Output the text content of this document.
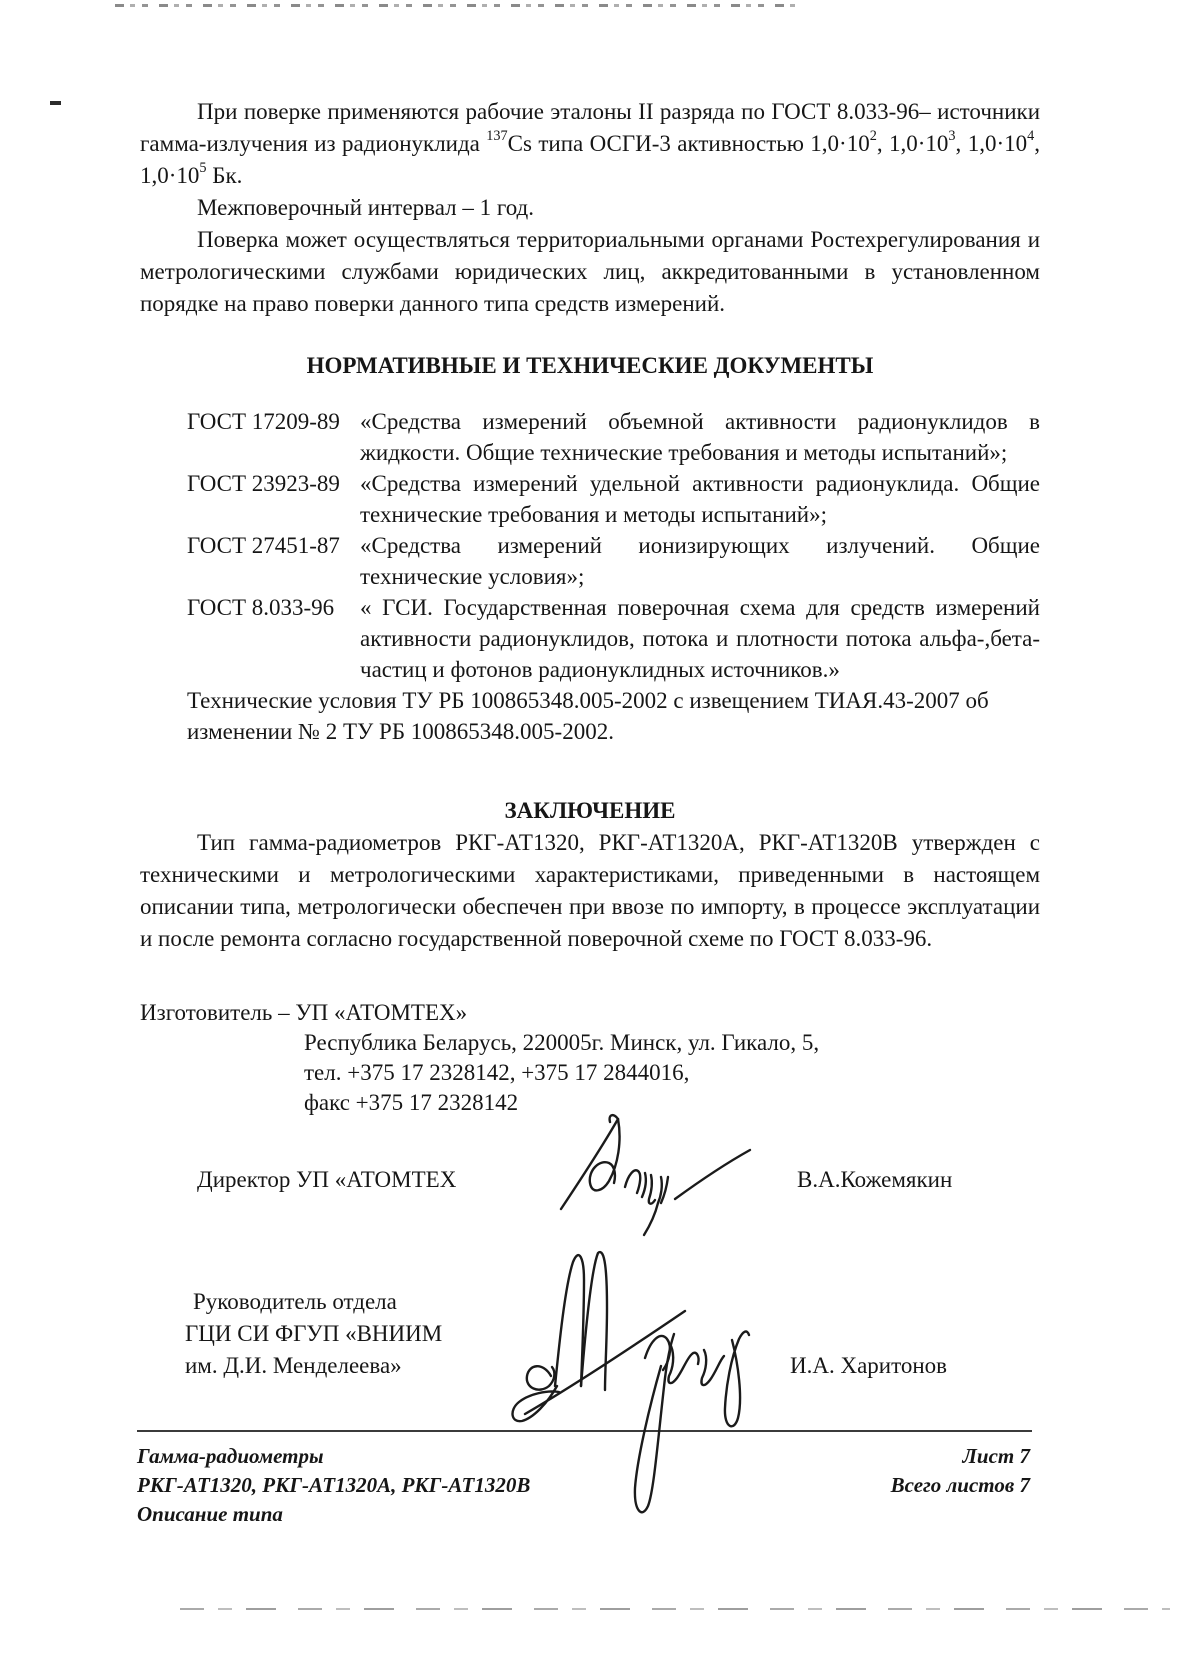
При поверке применяются рабочие эталоны II разряда по ГОСТ 8.033-96– источники гамма-излучения из радионуклида $^{137}$Cs типа ОСГИ-3 активностью $1,0\cdot 10^2$, $1,0\cdot 10^3$, $1,0\cdot 10^4$, $1,0\cdot 10^5$ Бк.

Межповерочный интервал – 1 год.

Поверка может осуществляться территориальными органами Ростехрегулирования и метрологическими службами юридических лиц, аккредитованными в установленном порядке на право поверки данного типа средств измерений.

НОРМАТИВНЫЕ И ТЕХНИЧЕСКИЕ ДОКУМЕНТЫ
ГОСТ 17209-89 «Средства измерений объемной активности радионуклидов в жидкости. Общие технические требования и методы испытаний»;
ГОСТ 23923-89 «Средства измерений удельной активности радионуклида. Общие технические требования и методы испытаний»;
ГОСТ 27451-87 «Средства измерений ионизирующих излучений. Общие технические условия»;
ГОСТ 8.033-96	« ГСИ. Государственная поверочная схема для средств измерений активности радионуклидов, потока и плотности потока альфа-,бета-частиц и фотонов радионуклидных источников.»
Технические условия ТУ РБ 100865348.005-2002 с извещением ТИАЯ.43-2007 об изменении № 2 ТУ РБ 100865348.005-2002.
ЗАКЛЮЧЕНИЕ

Тип гамма-радиометров РКГ-АТ1320, РКГ-АТ1320А, РКГ-АТ1320В утвержден с техническими и метрологическими характеристиками, приведенными в настоящем описании типа, метрологически обеспечен при ввозе по импорту, в процессе эксплуатации и после ремонта согласно государственной поверочной схеме по ГОСТ 8.033-96.

Изготовитель – УП «АТОМТЕХ»
Республика Беларусь, 220005г. Минск, ул. Гикало, 5,
тел. +375 17 2328142, +375 17 2844016,
факс +375 17 2328142
Директор УП «АТОМТЕХ	В.А.Кожемякин
Руководитель отдела
ГЦИ СИ ФГУП «ВНИИМ
им. Д.И. Менделеева»	И.А. Харитонов
Гамма-радиометры
РКГ-АТ1320, РКГ-АТ1320А, РКГ-АТ1320В
Описание типа
Лист 7
Всего листов 7
